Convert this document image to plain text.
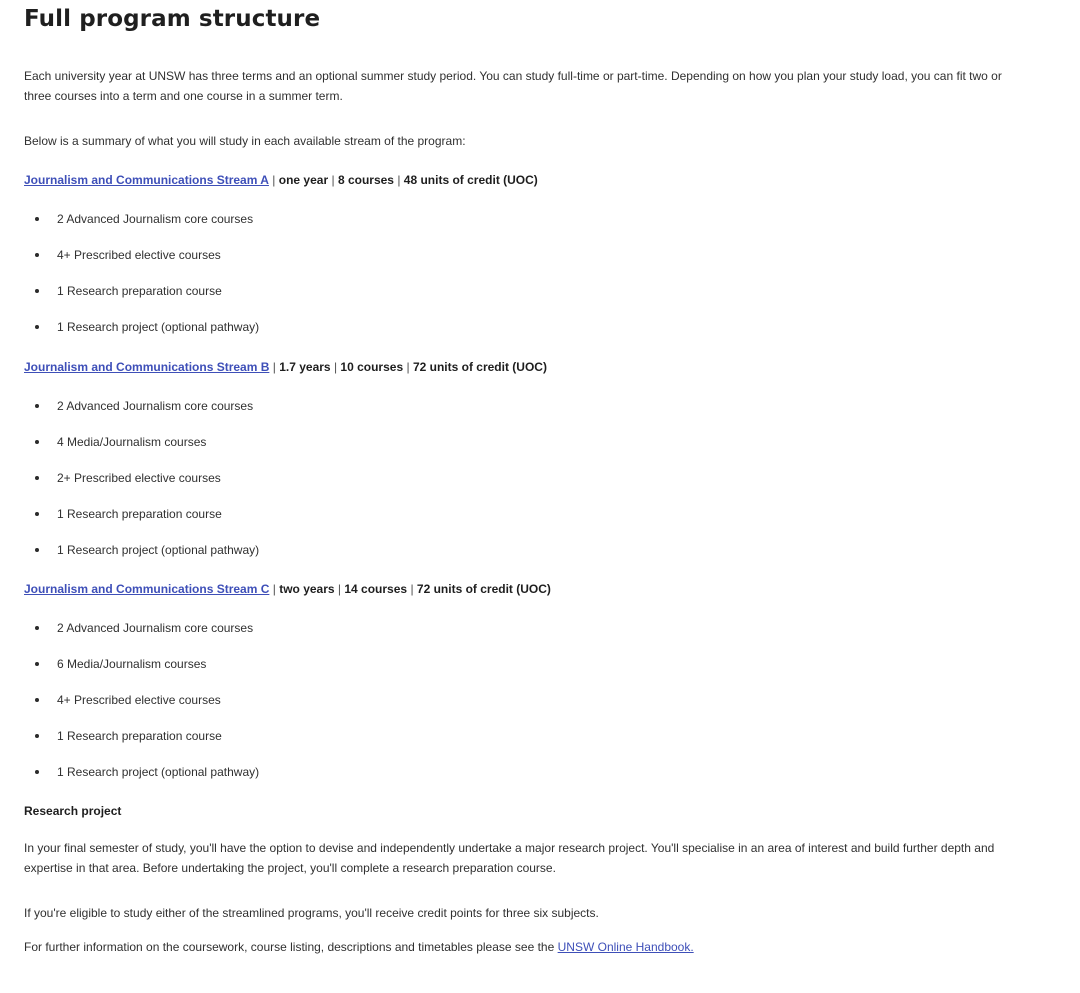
Full program structure

Each university year at UNSW has three terms and an optional summer study period. You can study full-time or part-time. Depending on how you plan your study load, you can fit two or

three courses into a term and one course in a summer term.

Below is a summary of what you will study in each available stream of the program:

Journalism and Communications Stream A | one year | 8 courses | 48 units of credit (UOC)

2 Advanced Journalism core courses
4+ Prescribed elective courses
1 Research preparation course
1 Research project (optional pathway)

Journalism and Communications Stream B | 1.7 years | 10 courses | 72 units of credit (UOC)

2 Advanced Journalism core courses
4 Media/Journalism courses
2+ Prescribed elective courses
1 Research preparation course
1 Research project (optional pathway)

Journalism and Communications Stream C | two years | 14 courses | 72 units of credit (UOC)

2 Advanced Journalism core courses
6 Media/Journalism courses
4+ Prescribed elective courses
1 Research preparation course
1 Research project (optional pathway)

Research project

In your final semester of study, you'll have the option to devise and independently undertake a major research project. You'll specialise in an area of interest and build further depth and

expertise in that area. Before undertaking the project, you'll complete a research preparation course.

If you're eligible to study either of the streamlined programs, you'll receive credit points for three six subjects.

For further information on the coursework, course listing, descriptions and timetables please see the UNSW Online Handbook.
